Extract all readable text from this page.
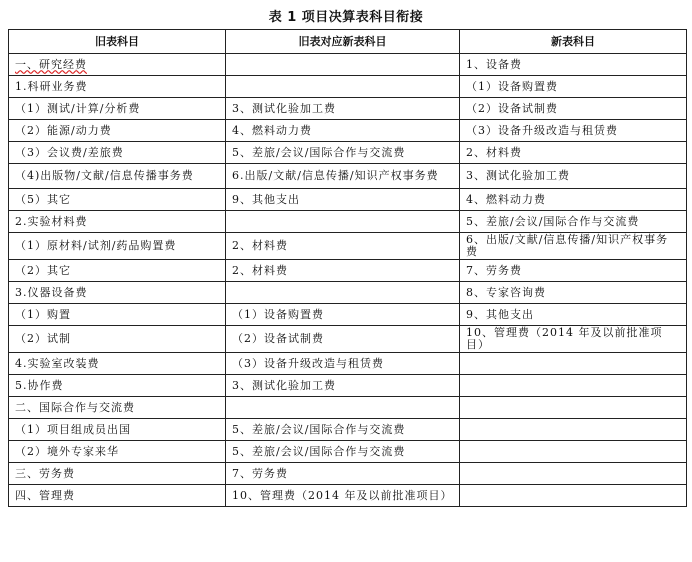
表 1 项目决算表科目衔接
旧表科目	旧表对应新表科目	新表科目
一、研究经费		1、设备费
1.科研业务费		（1）设备购置费
（1）测试/计算/分析费	3、测试化验加工费	（2）设备试制费
（2）能源/动力费	4、燃料动力费	（3）设备升级改造与租赁费
（3）会议费/差旅费	5、差旅/会议/国际合作与交流费	2、材料费
（4)出版物/文献/信息传播事务费	6.出版/文献/信息传播/知识产权事务费	3、测试化验加工费
（5）其它	9、其他支出	4、燃料动力费
2.实验材料费		5、差旅/会议/国际合作与交流费
（1）原材料/试剂/药品购置费	2、材料费	6、出版/文献/信息传播/知识产权事务费
（2）其它	2、材料费	7、劳务费
3.仪器设备费		8、专家咨询费
（1）购置	（1）设备购置费	9、其他支出
（2）试制	（2）设备试制费	10、管理费（2014 年及以前批准项目）
4.实验室改装费	（3）设备升级改造与租赁费	
5.协作费	3、测试化验加工费	
二、国际合作与交流费		
（1）项目组成员出国	5、差旅/会议/国际合作与交流费	
（2）境外专家来华	5、差旅/会议/国际合作与交流费	
三、劳务费	7、劳务费	
四、管理费	10、管理费（2014 年及以前批准项目）	
